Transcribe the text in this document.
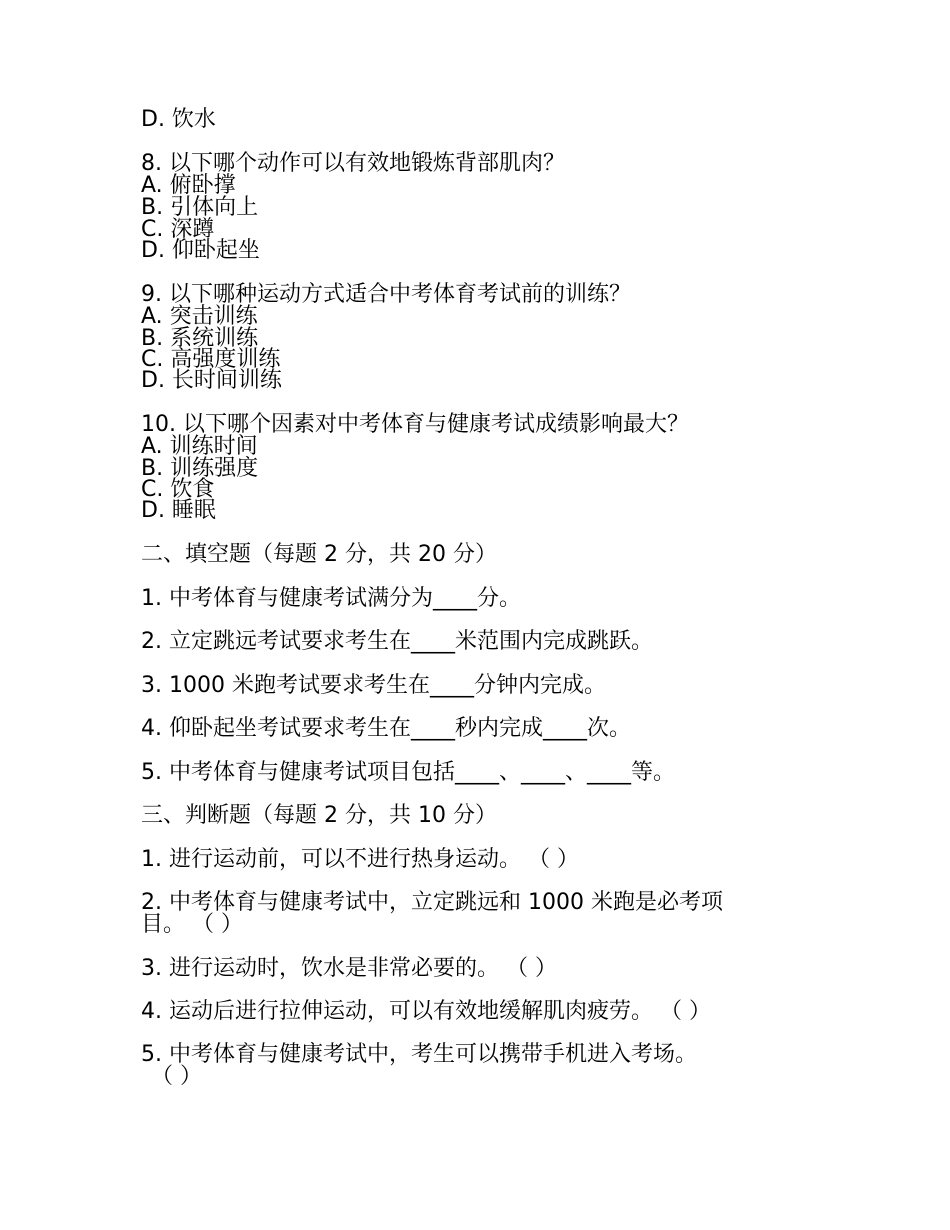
D. 饮水
8. 以下哪个动作可以有效地锻炼背部肌肉？
A. 俯卧撑
B. 引体向上
C. 深蹲
D. 仰卧起坐
9. 以下哪种运动方式适合中考体育考试前的训练？
A. 突击训练
B. 系统训练
C. 高强度训练
D. 长时间训练
10. 以下哪个因素对中考体育与健康考试成绩影响最大？
A. 训练时间
B. 训练强度
C. 饮食
D. 睡眠
二、填空题（每题 2 分，共 20 分）
1. 中考体育与健康考试满分为____分。
2. 立定跳远考试要求考生在____米范围内完成跳跃。
3. 1000 米跑考试要求考生在____分钟内完成。
4. 仰卧起坐考试要求考生在____秒内完成____次。
5. 中考体育与健康考试项目包括____、____、____等。
三、判断题（每题 2 分，共 10 分）
1. 进行运动前，可以不进行热身运动。 （ ）
2. 中考体育与健康考试中，立定跳远和 1000 米跑是必考项
目。 （ ）
3. 进行运动时，饮水是非常必要的。 （ ）
4. 运动后进行拉伸运动，可以有效地缓解肌肉疲劳。 （ ）
5. 中考体育与健康考试中，考生可以携带手机进入考场。
（ ）
